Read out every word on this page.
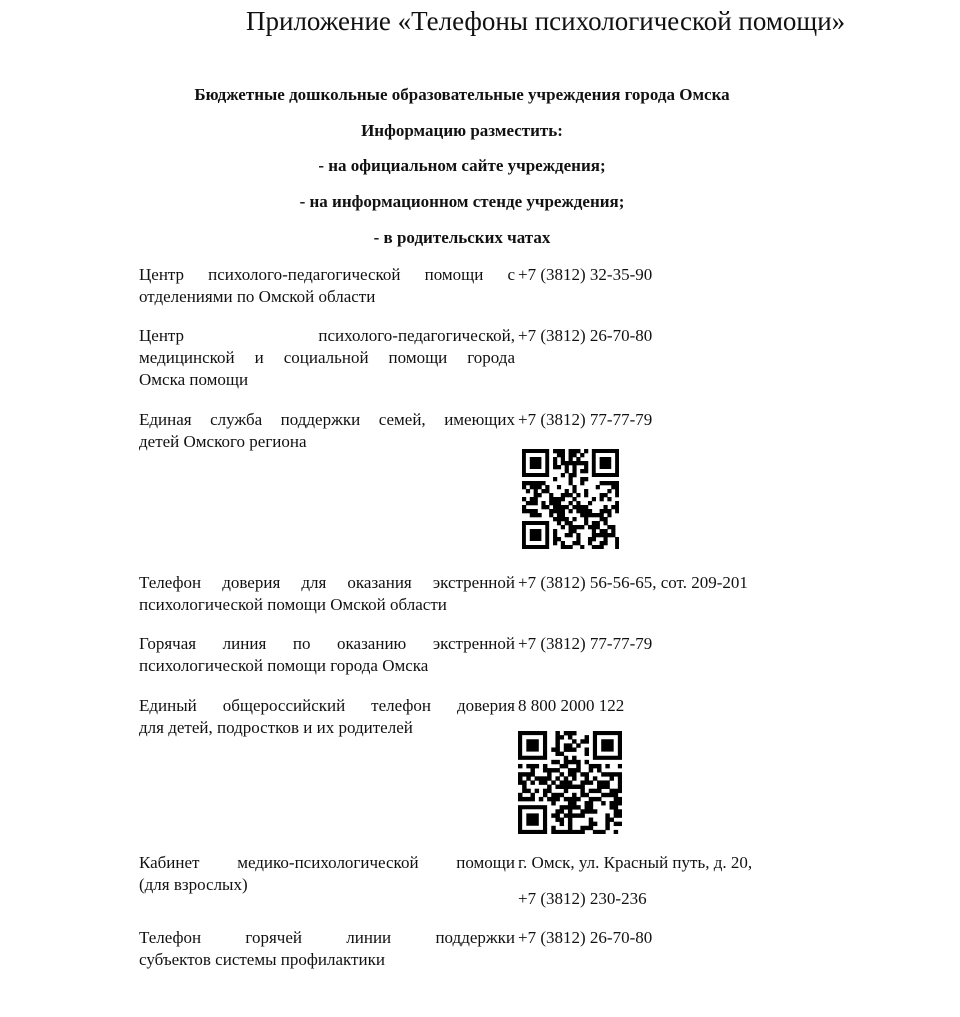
Приложение «Телефоны психологической помощи»
Бюджетные дошкольные образовательные учреждения города Омска
Информацию разместить:
- на официальном сайте учреждения;
- на информационном стенде учреждения;
- в родительских чатах
Центр психолого-педагогической помощи с
отделениями по Омской области
+7 (3812) 32-35-90
Центр психолого-педагогической,
медицинской и социальной помощи города
Омска помощи
+7 (3812) 26-70-80
Единая служба поддержки семей, имеющих
детей Омского региона
+7 (3812) 77-77-79
Телефон доверия для оказания экстренной
психологической помощи Омской области
+7 (3812) 56-56-65, сот. 209-201
Горячая линия по оказанию экстренной
психологической помощи города Омска
+7 (3812) 77-77-79
Единый общероссийский телефон доверия
для детей, подростков и их родителей
8 800 2000 122
Кабинет медико-психологической помощи
(для взрослых)
г. Омск, ул. Красный путь, д. 20,
+7 (3812) 230-236
Телефон горячей линии поддержки
субъектов системы профилактики
+7 (3812) 26-70-80
